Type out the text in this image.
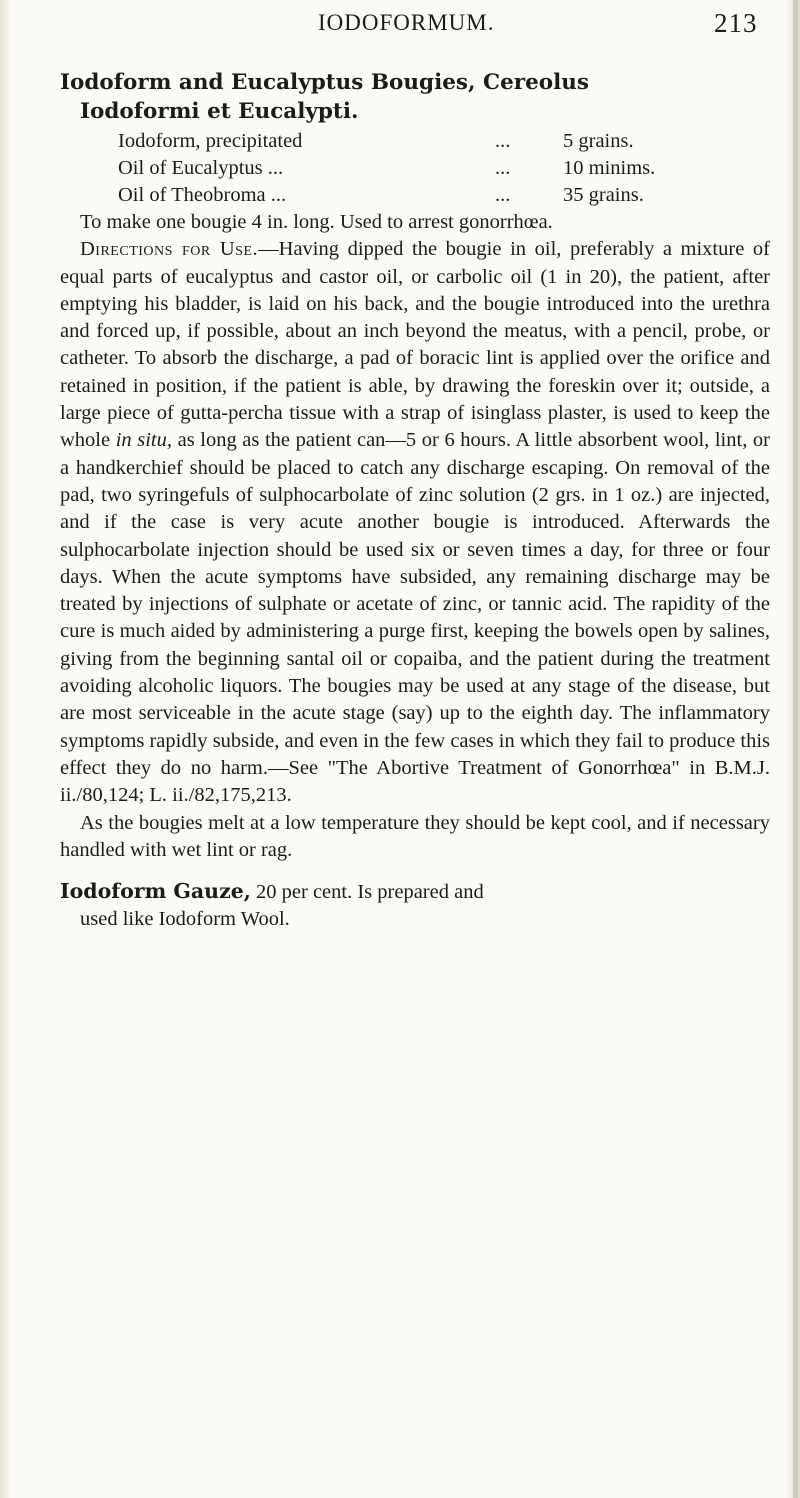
IODOFORMUM.	213
Iodoform and Eucalyptus Bougies, Cereolus
Iodoformi et Eucalypti.
Iodoform, precipitated	...	5 grains.
Oil of Eucalyptus ...	...	10 minims.
Oil of Theobroma ...	...	35 grains.

To make one bougie 4 in. long. Used to arrest gonorrhœa.

Directions for Use.—Having dipped the bougie in oil, preferably a mixture of equal parts of eucalyptus and castor oil, or carbolic oil (1 in 20), the patient, after emptying his bladder, is laid on his back, and the bougie introduced into the urethra and forced up, if possible, about an inch beyond the meatus, with a pencil, probe, or catheter. To absorb the discharge, a pad of boracic lint is applied over the orifice and retained in position, if the patient is able, by drawing the foreskin over it; outside, a large piece of gutta-percha tissue with a strap of isinglass plaster, is used to keep the whole in situ, as long as the patient can—5 or 6 hours. A little absorbent wool, lint, or a handkerchief should be placed to catch any discharge escaping. On removal of the pad, two syringefuls of sulphocarbolate of zinc solution (2 grs. in 1 oz.) are injected, and if the case is very acute another bougie is introduced. Afterwards the sulphocarbolate injection should be used six or seven times a day, for three or four days. When the acute symptoms have subsided, any remaining discharge may be treated by injections of sulphate or acetate of zinc, or tannic acid. The rapidity of the cure is much aided by administering a purge first, keeping the bowels open by salines, giving from the beginning santal oil or copaiba, and the patient during the treatment avoiding alcoholic liquors. The bougies may be used at any stage of the disease, but are most serviceable in the acute stage (say) up to the eighth day. The inflammatory symptoms rapidly subside, and even in the few cases in which they fail to produce this effect they do no harm.—See "The Abortive Treatment of Gonorrhœa" in B.M.J. ii./80,124; L. ii./82,175,213.

As the bougies melt at a low temperature they should be kept cool, and if necessary handled with wet lint or rag.

Iodoform Gauze, 20 per cent. Is prepared and

used like Iodoform Wool.
